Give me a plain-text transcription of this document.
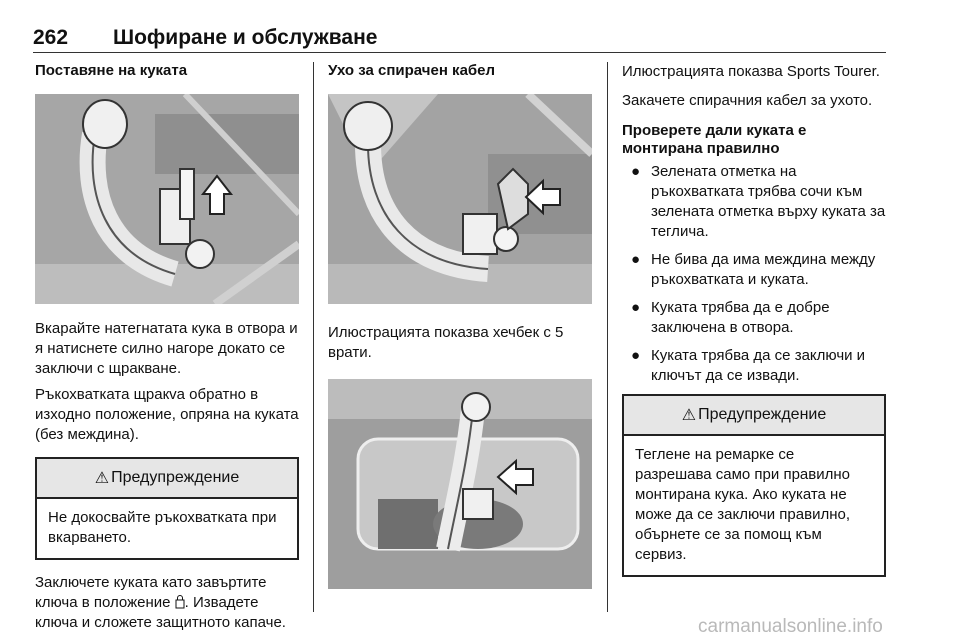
262 Шофиране и обслужване
Поставяне на куката

Вкарайте натегнатата кука в отвора и я натиснете силно нагоре докато се заключи с щракване.

Ръкохватката щракva обратно в изходно положение, опряна на куката (без междина).

⚠ Предупреждение
Не докосвайте ръкохватката при вкарването.

Заключете куката като завъртите ключа в положение . Извадете ключа и сложете защитното капаче.

Ухо за спирачен кабел

Илюстрацията показва хечбек с 5 врати.

Илюстрацията показва Sports Tourer.

Закачете спирачния кабел за ухото.

Проверете дали куката е монтирана правилно
● Зелената отметка на ръкохватката трябва сочи към зелената отметка върху куката за теглича.
● Не бива да има междина между ръкохватката и куката.
● Куката трябва да е добре заключена в отвора.
● Куката трябва да се заключи и ключът да се извади.
⚠ Предупреждение
Теглене на ремарке се разрешава само при правилно монтирана кука. Ако куката не може да се заключи правилно, обърнете се за помощ към сервиз.
carmanualsonline.info
